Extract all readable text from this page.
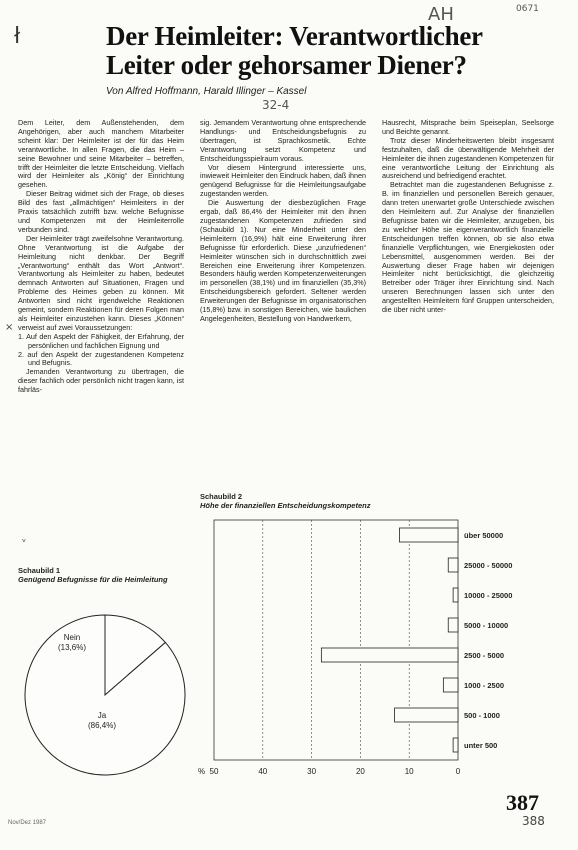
ł
AH	0671
Der Heimleiter: Verantwortlicher
Leiter oder gehorsamer Diener?
Von Alfred Hoffmann, Harald Illinger – Kassel
32-4

Dem Leiter, dem Außenstehenden, dem Angehörigen, aber auch manchem Mitarbeiter scheint klar: Der Heimleiter ist der für das Heim verantwortliche. In allen Fragen, die das Heim – seine Bewohner und seine Mitarbeiter – betreffen, trifft der Heimleiter die letzte Entscheidung. Vielfach wird der Heimleiter als „König“ der Einrichtung gesehen.

Dieser Beitrag widmet sich der Frage, ob dieses Bild des fast „allmächtigen“ Heimleiters in der Praxis tatsächlich zutrifft bzw. welche Befugnisse und Kompetenzen mit der Heimleiterrolle verbunden sind.

Der Heimleiter trägt zweifelsohne Verantwortung. Ohne Verantwortung ist die Aufgabe der Heimleitung nicht denkbar. Der Begriff „Verantwortung“ enthält das Wort „Antwort“. Verantwortung als Heimleiter zu haben, bedeutet demnach Antworten auf Situationen, Fragen und Probleme des Heimes geben zu können. Mit Antworten sind nicht irgendwelche Reaktionen gemeint, sondern Reaktionen für deren Folgen man als Heimleiter einzustehen kann. Dieses „Können“ verweist auf zwei Voraussetzungen:

1. Auf den Aspekt der Fähigkeit, der Erfahrung, der persönlichen und fachlichen Eignung und

2. auf den Aspekt der zugestandenen Kompetenz und Befugnis.

Jemanden Verantwortung zu übertragen, die dieser fachlich oder persönlich nicht tragen kann, ist fahrläs-

×
ᵥ

sig. Jemandem Verantwortung ohne entsprechende Handlungs- und Entscheidungsbefugnis zu übertragen, ist Sprachkosmetik. Echte Verantwortung setzt Kompetenz und Entscheidungsspielraum voraus.

Vor diesem Hintergrund interessierte uns, inwieweit Heimleiter den Eindruck haben, daß ihnen genügend Befugnisse für die Heimleitungsaufgabe zugestanden werden.

Die Auswertung der diesbezüglichen Frage ergab, daß 86,4% der Heimleiter mit den ihnen zugestandenen Kompetenzen zufrieden sind (Schaubild 1). Nur eine Minderheit unter den Heimleitern (16,9%) hält eine Erweiterung ihrer Befugnisse für erforderlich. Diese „unzufriedenen“ Heimleiter wünschen sich in durchschnittlich zwei Bereichen eine Erweiterung ihrer Kompetenzen. Besonders häufig werden Kompetenzerweiterungen im personellen (38,1%) und im finanziellen (35,3%) Entscheidungsbereich gefordert. Seltener werden Erweiterungen der Befugnisse im organisatorischen (15,8%) bzw. in sonstigen Bereichen, wie baulichen Angelegenheiten, Bestellung von Handwerkern,

Hausrecht, Mitsprache beim Speiseplan, Seelsorge und Beichte genannt.

Trotz dieser Minderheitswerten bleibt insgesamt festzuhalten, daß die überwältigende Mehrheit der Heimleiter die ihnen zugestandenen Kompetenzen für eine verantwortliche Leitung der Einrichtung als ausreichend und befriedigend erachtet.

Betrachtet man die zugestandenen Befugnisse z. B. im finanziellen und personellen Bereich genauer, dann treten unerwartet große Unterschiede zwischen den Heimleitern auf. Zur Analyse der finanziellen Befugnisse baten wir die Heimleiter, anzugeben, bis zu welcher Höhe sie eigenverantwortlich finanzielle Entscheidungen treffen können, ob sie also etwa finanzielle Verpflichtungen, wie Energiekosten oder Lebensmittel, ausgenommen werden. Bei der Auswertung dieser Frage haben wir dejenigen Heimleiter nicht berücksichtigt, die gleichzeitig Betreiber oder Träger ihrer Einrichtung sind. Nach unseren Berechnungen lassen sich unter den angestellten Heimleitern fünf Gruppen unterscheiden, die über nicht unter-

Schaubild 1
Genügend Befugnisse für die Heimleitung
Nein
(13,6%)
Ja
(86,4%)
Schaubild 2
Höhe der finanziellen Entscheidungskompetenz
über 50000
25000 - 50000
10000 - 25000
5000 - 10000
2500 - 5000
1000 - 2500
500 - 1000
unter 500
% 50	40	30	20	10	0
Nov/Dez 1987
387
388
